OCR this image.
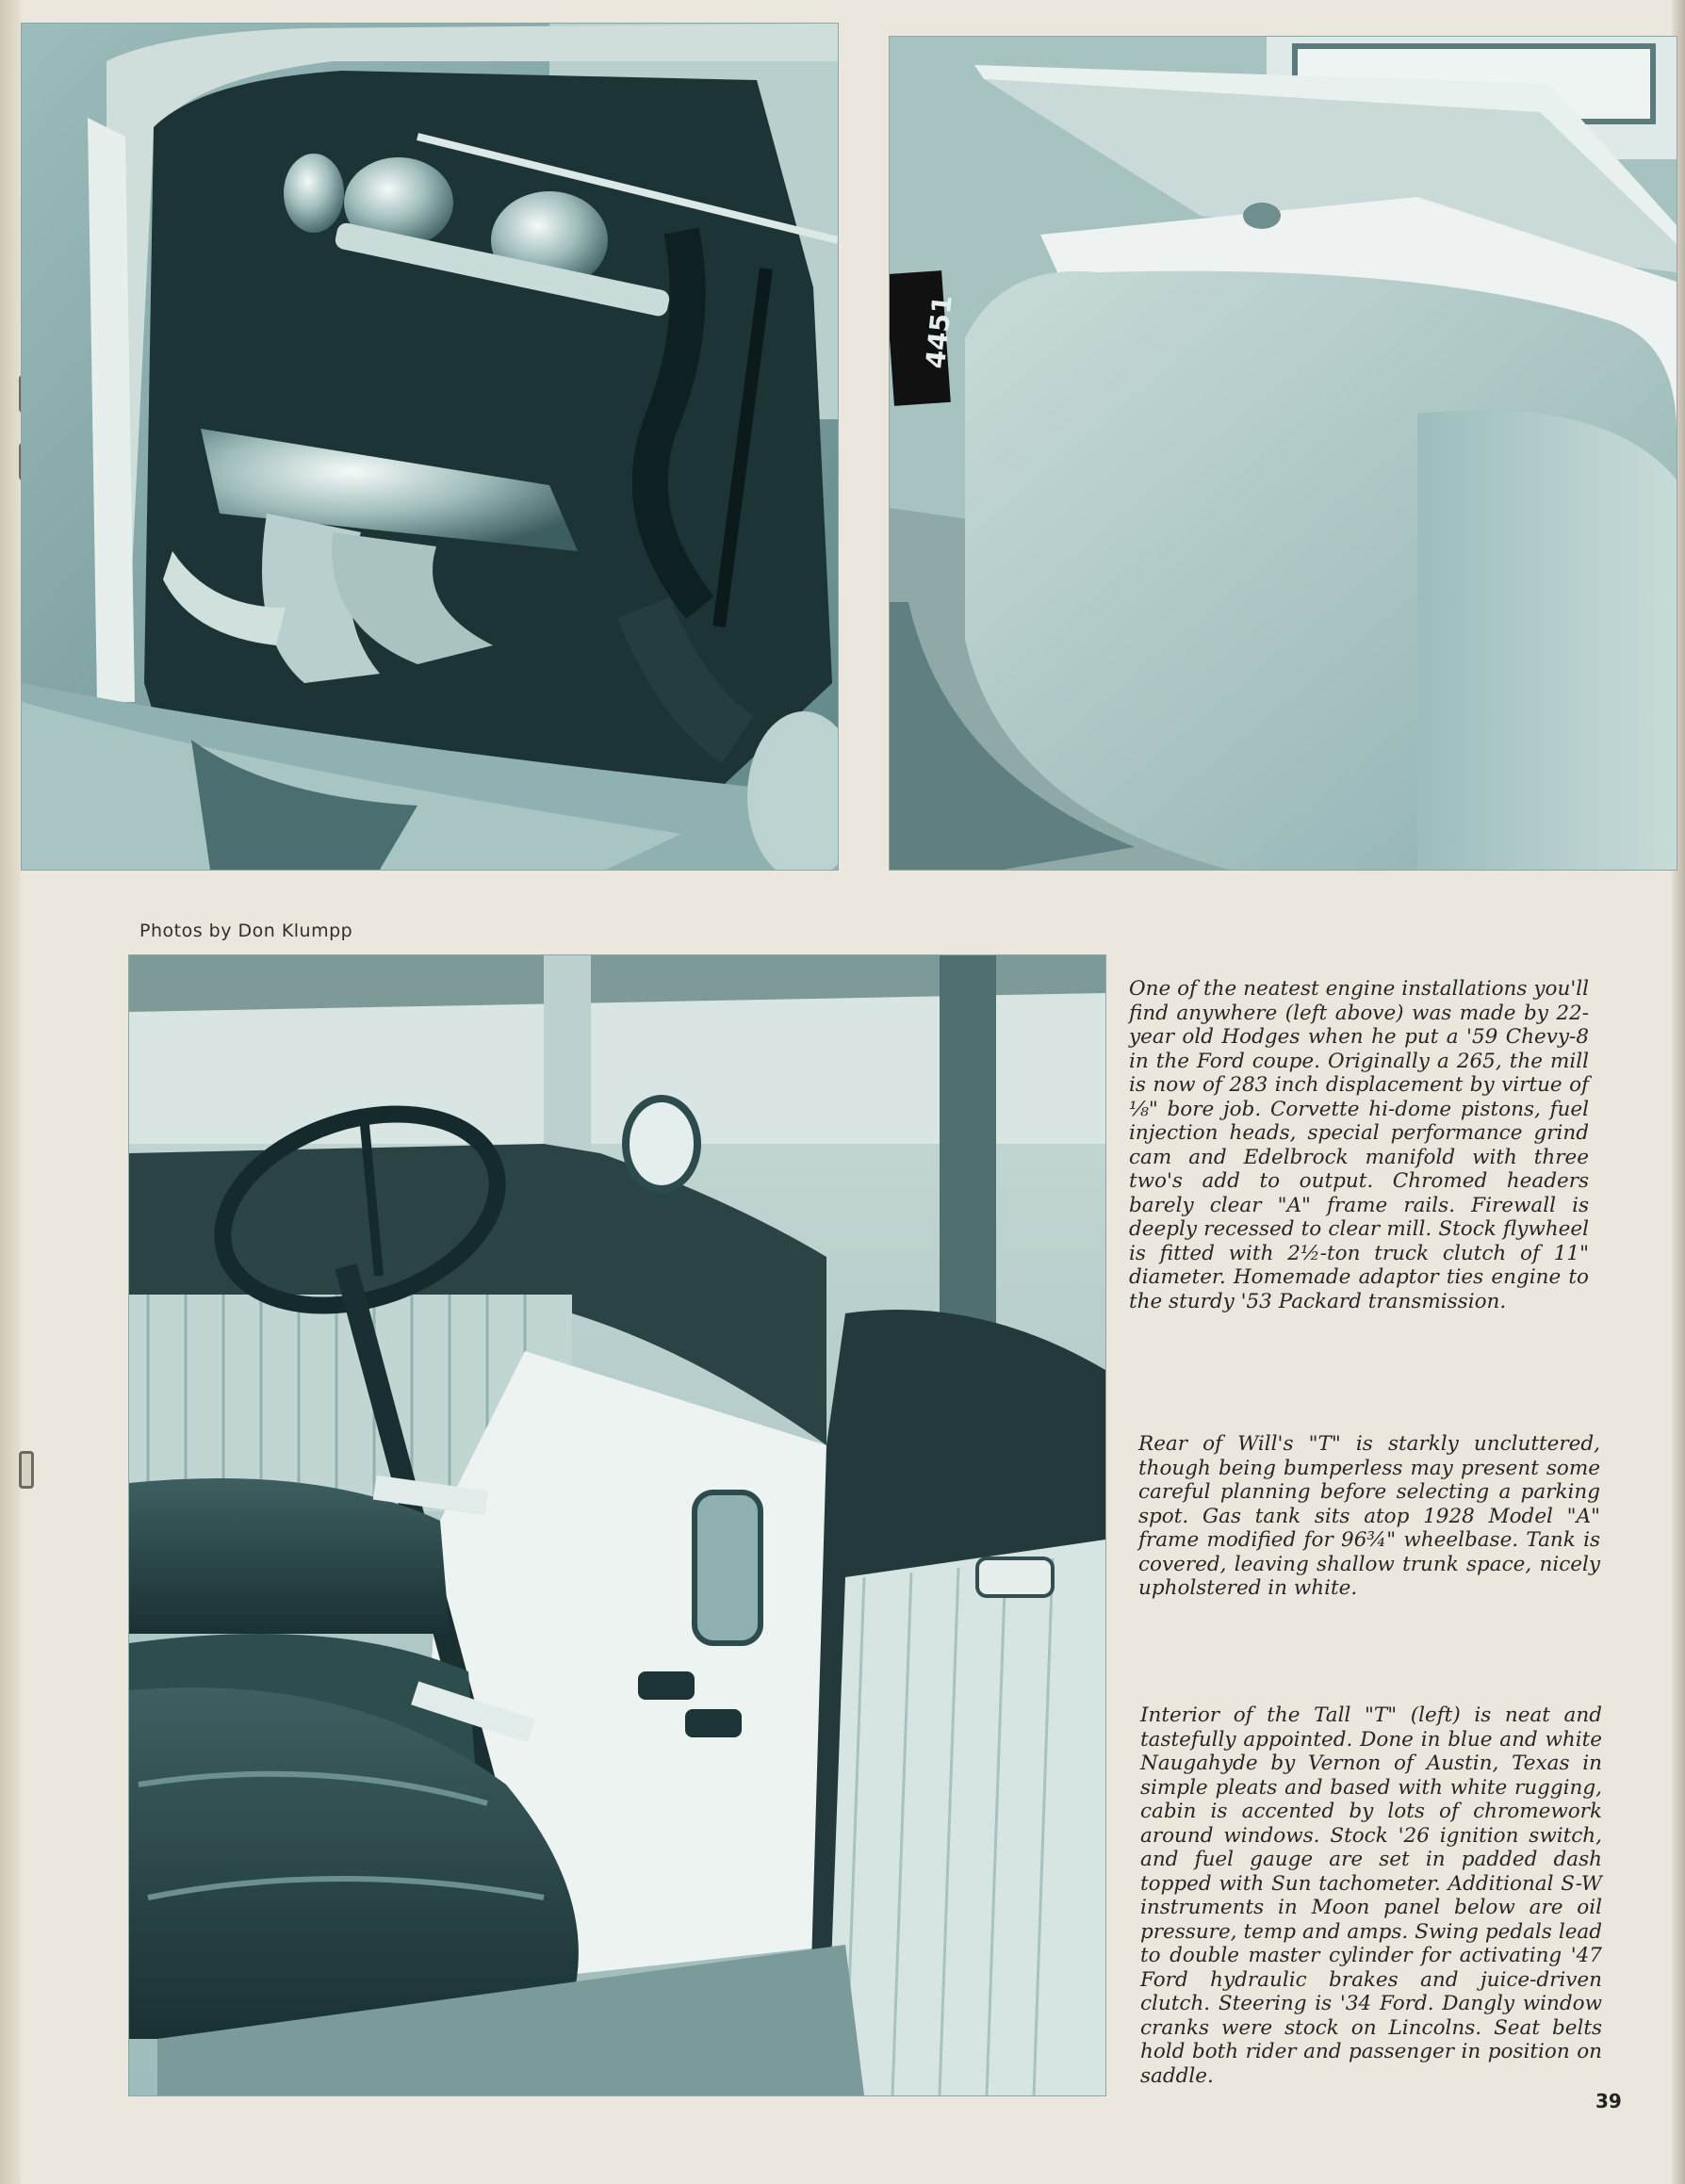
4451
Photos by Don Klumpp

One of the neatest engine installations you'll find anywhere (left above) was made by 22-year old Hodges when he put a '59 Chevy-8 in the Ford coupe. Originally a 265, the mill is now of 283 inch displacement by virtue of ⅛" bore job. Corvette hi-dome pistons, fuel injection heads, special performance grind cam and Edelbrock manifold with three two's add to output. Chromed headers barely clear "A" frame rails. Firewall is deeply recessed to clear mill. Stock flywheel is fitted with 2½-ton truck clutch of 11" diameter. Homemade adaptor ties engine to the sturdy '53 Packard transmission.

Rear of Will's "T" is starkly uncluttered, though being bumperless may present some careful planning before selecting a parking spot. Gas tank sits atop 1928 Model "A" frame modified for 96¾" wheelbase. Tank is covered, leaving shallow trunk space, nicely upholstered in white.

Interior of the Tall "T" (left) is neat and tastefully appointed. Done in blue and white Naugahyde by Vernon of Austin, Texas in simple pleats and based with white rugging, cabin is accented by lots of chromework around windows. Stock '26 ignition switch, and fuel gauge are set in padded dash topped with Sun tachometer. Additional S-W instruments in Moon panel below are oil pressure, temp and amps. Swing pedals lead to double master cylinder for activating '47 Ford hydraulic brakes and juice-driven clutch. Steering is '34 Ford. Dangly window cranks were stock on Lincolns. Seat belts hold both rider and passenger in position on saddle.

39
